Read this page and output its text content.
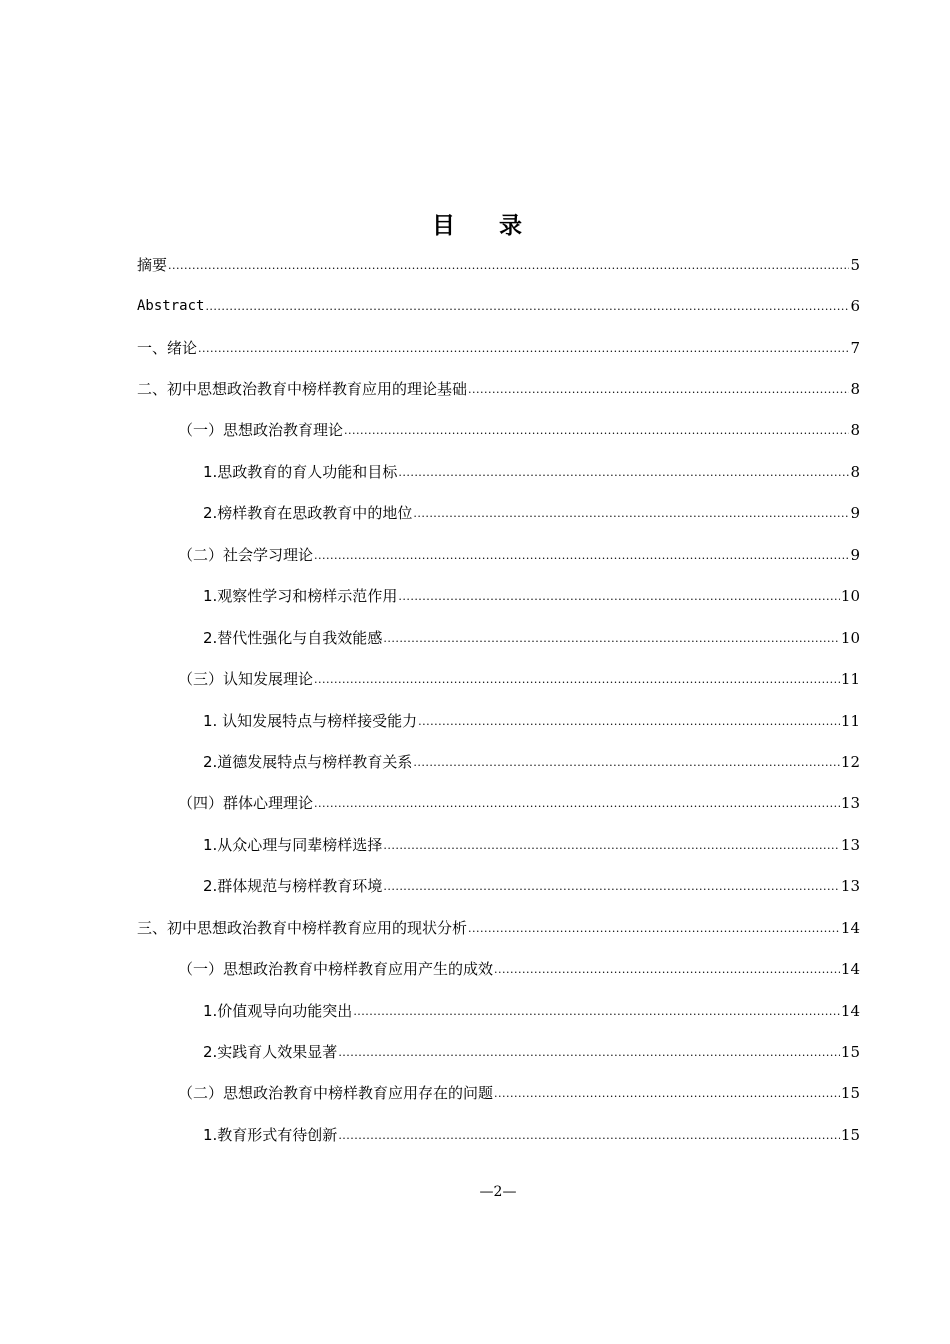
目录
摘要 .....	5
Abstract .....	6
一、绪论 .....	7
二、初中思想政治教育中榜样教育应用的理论基础 .....	8
（一）思想政治教育理论 .....	8
1.思政教育的育人功能和目标 .....	8
2.榜样教育在思政教育中的地位 .....	9
（二）社会学习理论 .....	9
1.观察性学习和榜样示范作用 .....	10
2.替代性强化与自我效能感 .....	10
（三）认知发展理论 .....	11
1. 认知发展特点与榜样接受能力 .....	11
2.道德发展特点与榜样教育关系 .....	12
（四）群体心理理论 .....	13
1.从众心理与同辈榜样选择 .....	13
2.群体规范与榜样教育环境 .....	13
三、初中思想政治教育中榜样教育应用的现状分析 .....	14
（一）思想政治教育中榜样教育应用产生的成效 .....	14
1.价值观导向功能突出 .....	14
2.实践育人效果显著 .....	15
（二）思想政治教育中榜样教育应用存在的问题 .....	15
1.教育形式有待创新 .....	15
—2—
